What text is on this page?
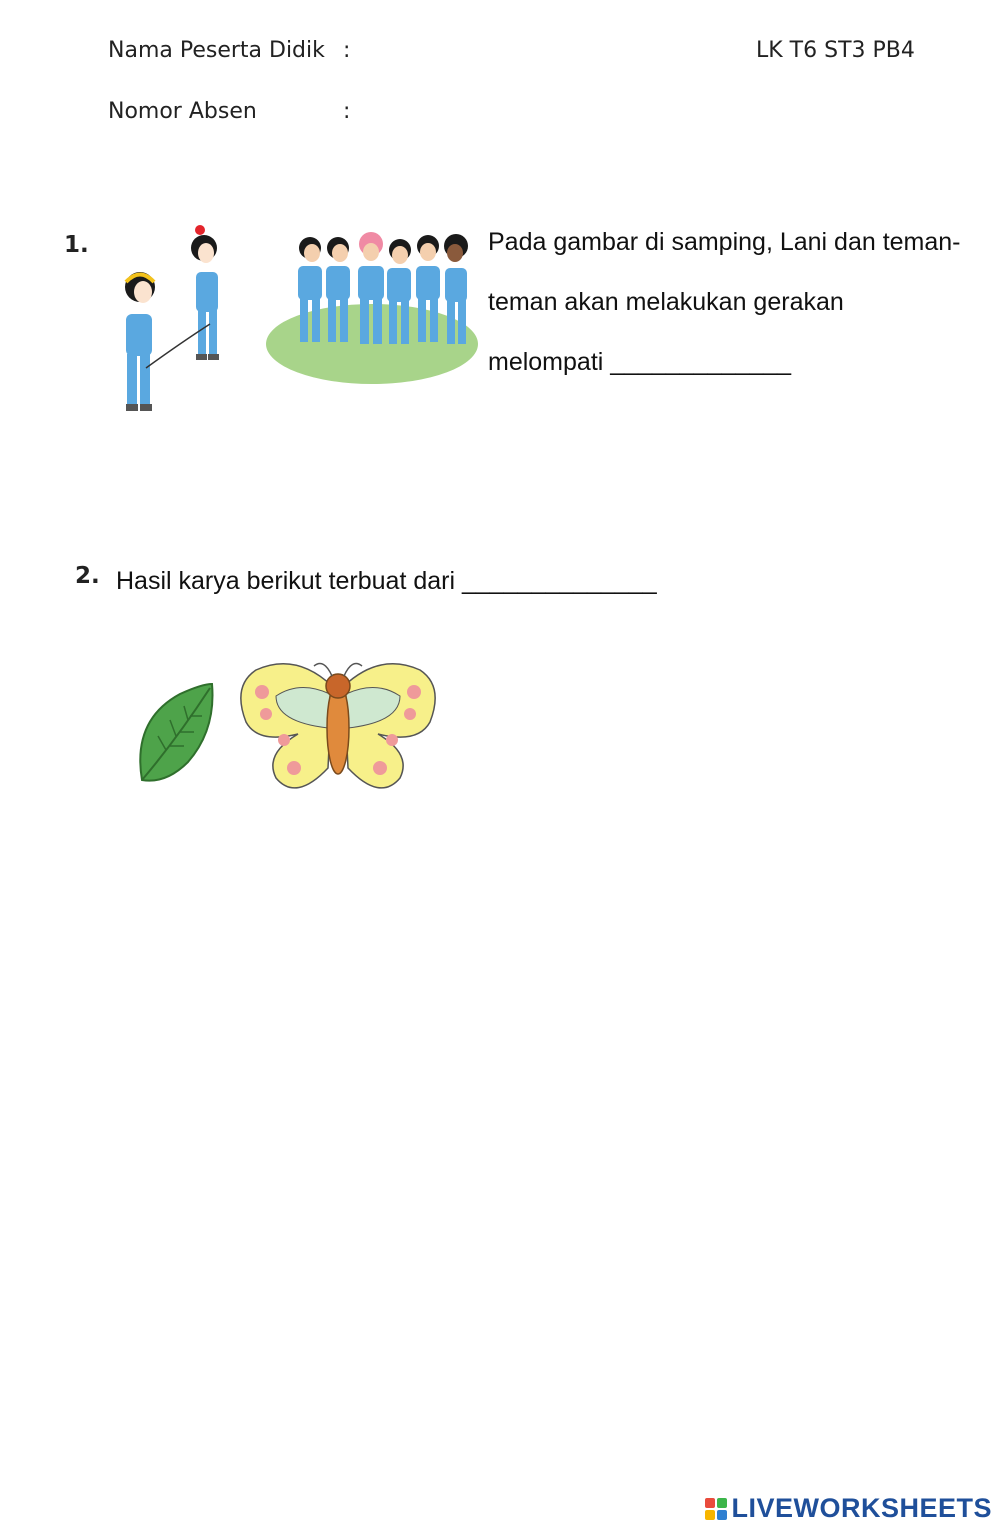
Nama Peserta Didik :	LK T6 ST3 PB4
Nomor Absen	:
1.	Pada gambar di samping, Lani dan teman-
teman akan melakukan gerakan
melompati _____________
2. Hasil karya berikut terbuat dari ______________
LIVEWORKSHEETS
